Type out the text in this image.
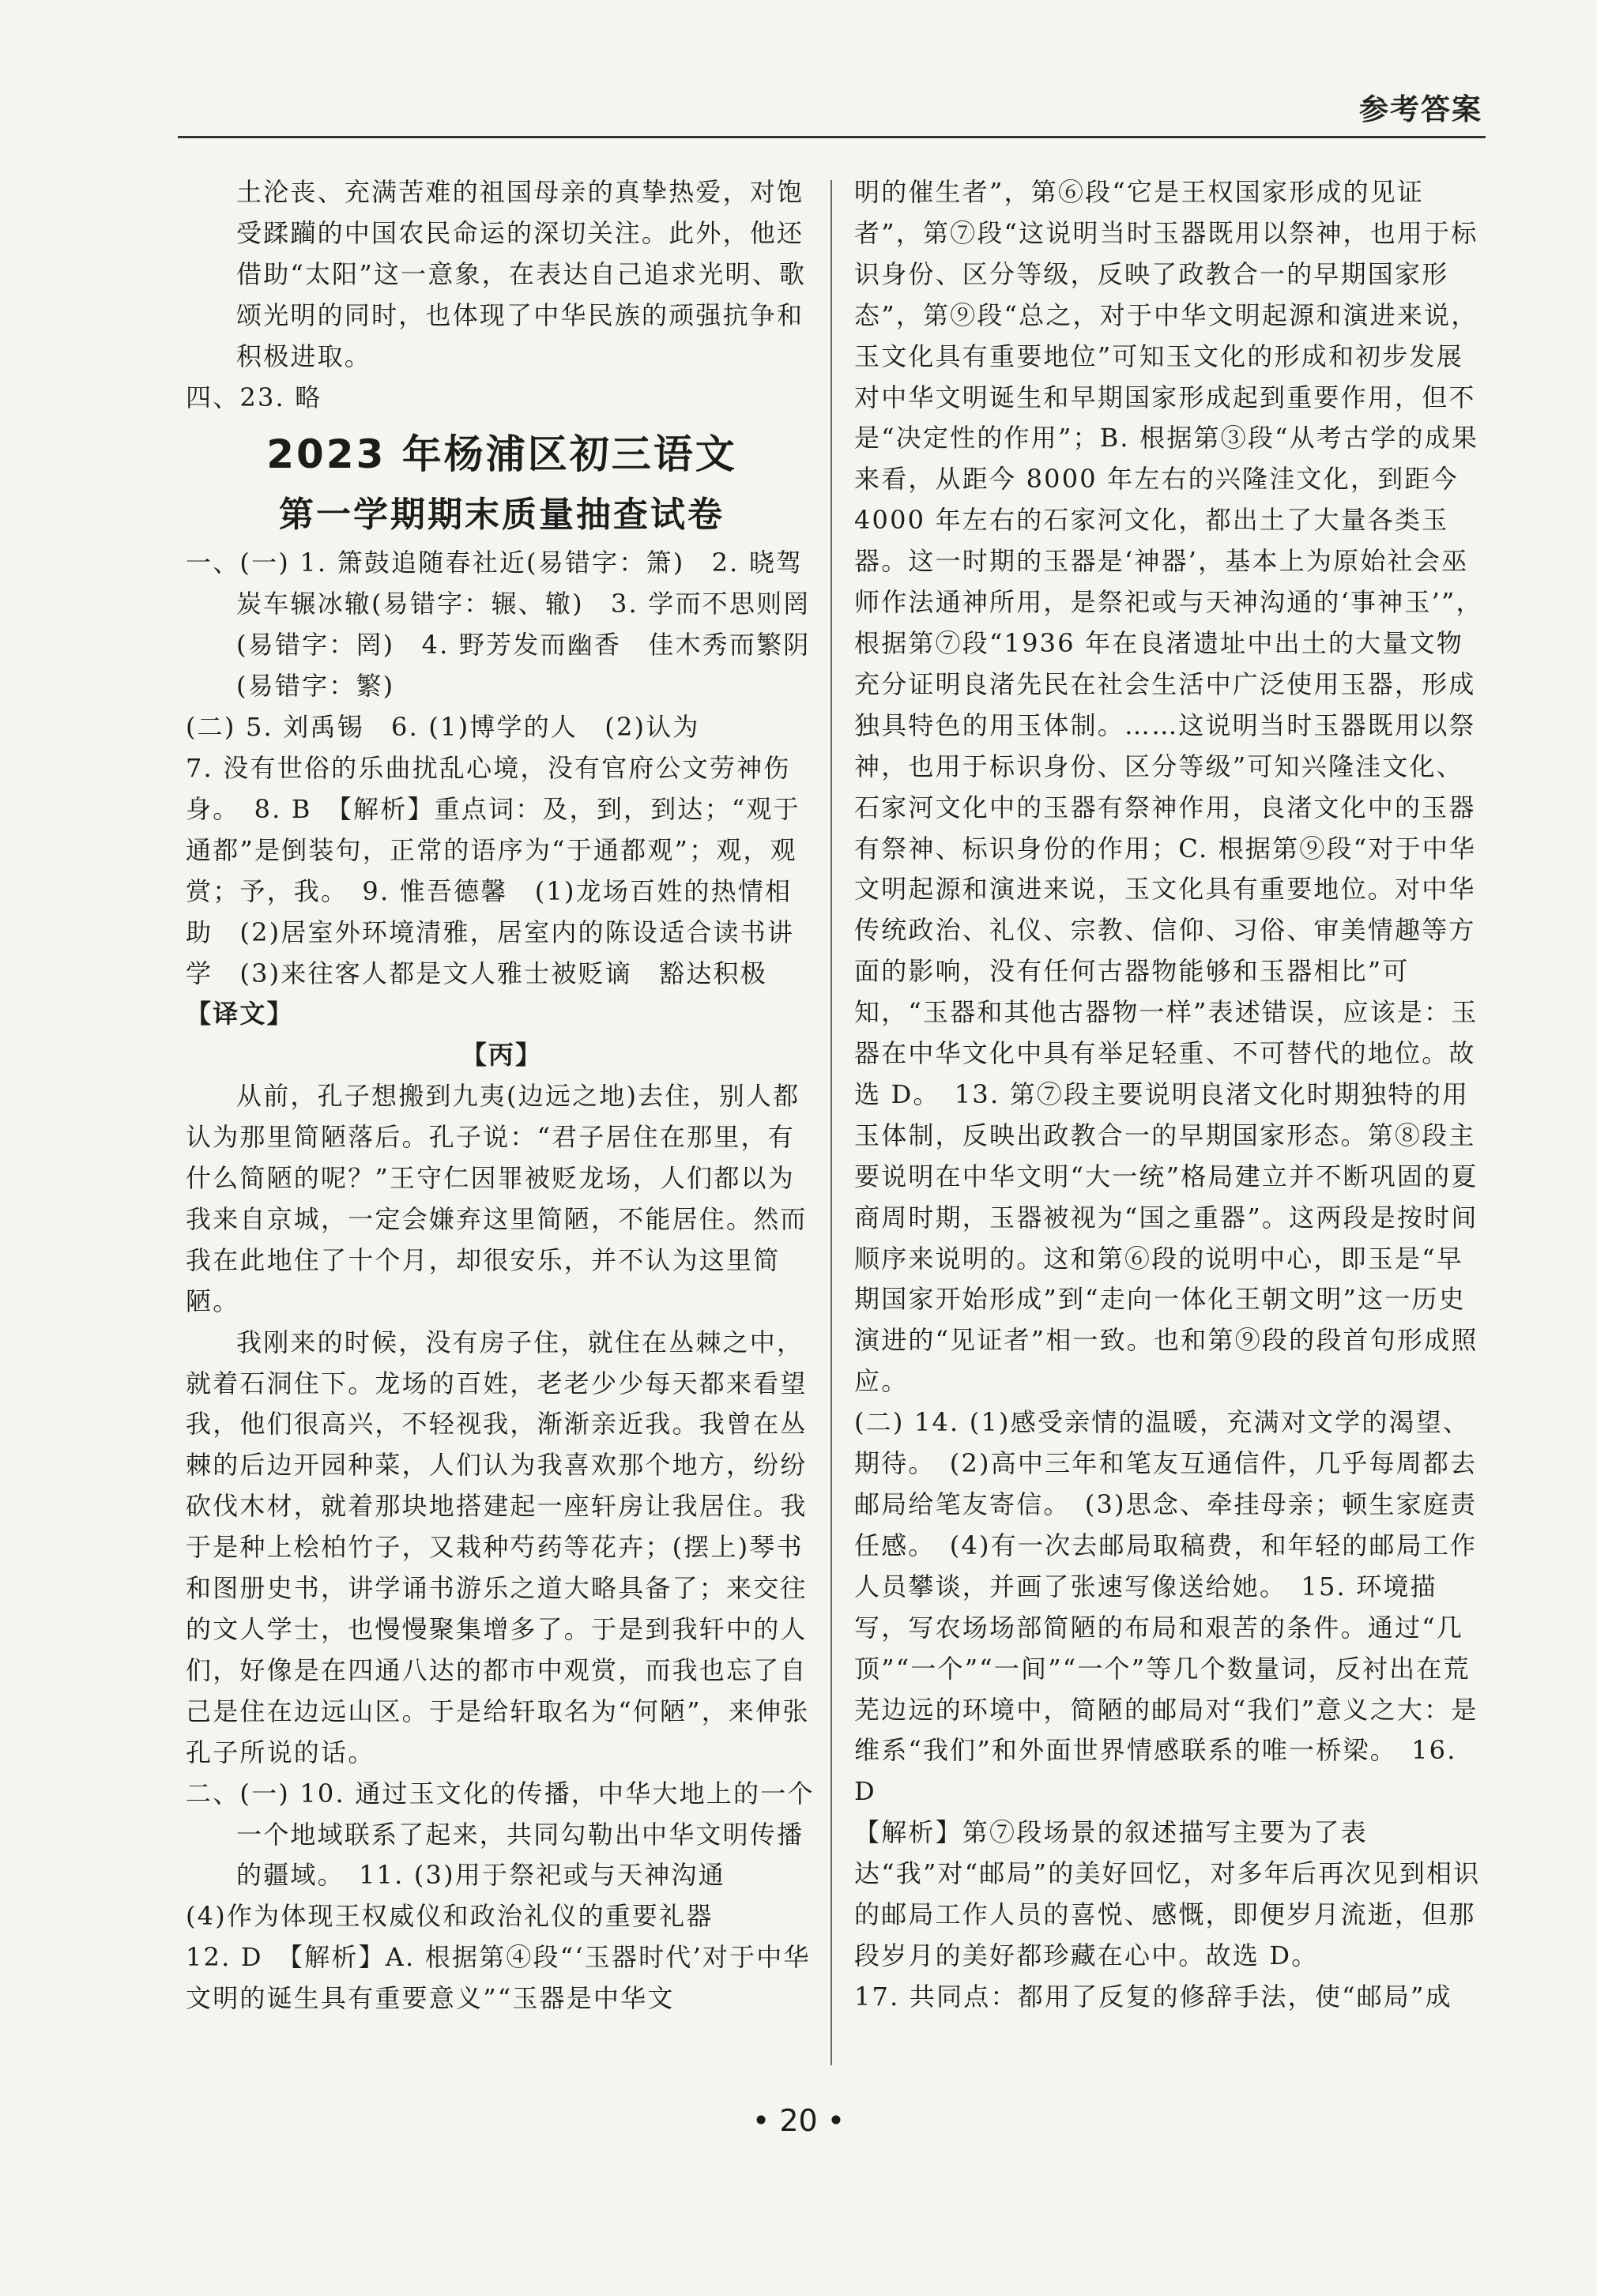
参考答案

土沦丧、充满苦难的祖国母亲的真挚热爱，对饱受蹂躏的中国农民命运的深切关注。此外，他还借助“太阳”这一意象，在表达自己追求光明、歌颂光明的同时，也体现了中华民族的顽强抗争和积极进取。

四、23. 略

2023 年杨浦区初三语文

第一学期期末质量抽查试卷

一、(一) 1. 箫鼓追随春社近(易错字：箫)　2. 晓驾炭车辗冰辙(易错字：辗、辙)　3. 学而不思则罔(易错字：罔)　4. 野芳发而幽香　佳木秀而繁阴(易错字：繁)

(二) 5. 刘禹锡　6. (1)博学的人　(2)认为

7. 没有世俗的乐曲扰乱心境，没有官府公文劳神伤身。　8. B　【解析】重点词：及，到，到达；“观于通都”是倒装句，正常的语序为“于通都观”；观，观赏；予，我。　9. 惟吾德馨　(1)龙场百姓的热情相助　(2)居室外环境清雅，居室内的陈设适合读书讲学　(3)来往客人都是文人雅士被贬谪　豁达积极

【译文】

【丙】

从前，孔子想搬到九夷(边远之地)去住，别人都认为那里简陋落后。孔子说：“君子居住在那里，有什么简陋的呢？”王守仁因罪被贬龙场，人们都以为我来自京城，一定会嫌弃这里简陋，不能居住。然而我在此地住了十个月，却很安乐，并不认为这里简陋。

我刚来的时候，没有房子住，就住在丛棘之中，就着石洞住下。龙场的百姓，老老少少每天都来看望我，他们很高兴，不轻视我，渐渐亲近我。我曾在丛棘的后边开园种菜，人们认为我喜欢那个地方，纷纷砍伐木材，就着那块地搭建起一座轩房让我居住。我于是种上桧柏竹子，又栽种芍药等花卉；(摆上)琴书和图册史书，讲学诵书游乐之道大略具备了；来交往的文人学士，也慢慢聚集增多了。于是到我轩中的人们，好像是在四通八达的都市中观赏，而我也忘了自己是住在边远山区。于是给轩取名为“何陋”，来伸张孔子所说的话。

二、(一) 10. 通过玉文化的传播，中华大地上的一个一个地域联系了起来，共同勾勒出中华文明传播的疆域。　11. (3)用于祭祀或与天神沟通

(4)作为体现王权威仪和政治礼仪的重要礼器

12. D　【解析】A. 根据第④段“‘玉器时代’对于中华文明的诞生具有重要意义”“玉器是中华文

明的催生者”，第⑥段“它是王权国家形成的见证者”，第⑦段“这说明当时玉器既用以祭神，也用于标识身份、区分等级，反映了政教合一的早期国家形态”，第⑨段“总之，对于中华文明起源和演进来说，玉文化具有重要地位”可知玉文化的形成和初步发展对中华文明诞生和早期国家形成起到重要作用，但不是“决定性的作用”；B. 根据第③段“从考古学的成果来看，从距今 8000 年左右的兴隆洼文化，到距今 4000 年左右的石家河文化，都出土了大量各类玉器。这一时期的玉器是‘神器’，基本上为原始社会巫师作法通神所用，是祭祀或与天神沟通的‘事神玉’”，根据第⑦段“1936 年在良渚遗址中出土的大量文物充分证明良渚先民在社会生活中广泛使用玉器，形成独具特色的用玉体制。……这说明当时玉器既用以祭神，也用于标识身份、区分等级”可知兴隆洼文化、石家河文化中的玉器有祭神作用，良渚文化中的玉器有祭神、标识身份的作用；C. 根据第⑨段“对于中华文明起源和演进来说，玉文化具有重要地位。对中华传统政治、礼仪、宗教、信仰、习俗、审美情趣等方面的影响，没有任何古器物能够和玉器相比”可知，“玉器和其他古器物一样”表述错误，应该是：玉器在中华文化中具有举足轻重、不可替代的地位。故选 D。　13. 第⑦段主要说明良渚文化时期独特的用玉体制，反映出政教合一的早期国家形态。第⑧段主要说明在中华文明“大一统”格局建立并不断巩固的夏商周时期，玉器被视为“国之重器”。这两段是按时间顺序来说明的。这和第⑥段的说明中心，即玉是“早期国家开始形成”到“走向一体化王朝文明”这一历史演进的“见证者”相一致。也和第⑨段的段首句形成照应。

(二) 14. (1)感受亲情的温暖，充满对文学的渴望、期待。　(2)高中三年和笔友互通信件，几乎每周都去邮局给笔友寄信。　(3)思念、牵挂母亲；顿生家庭责任感。　(4)有一次去邮局取稿费，和年轻的邮局工作人员攀谈，并画了张速写像送给她。　15. 环境描写，写农场场部简陋的布局和艰苦的条件。通过“几顶”“一个”“一间”“一个”等几个数量词，反衬出在荒芜边远的环境中，简陋的邮局对“我们”意义之大：是维系“我们”和外面世界情感联系的唯一桥梁。　16. D

【解析】第⑦段场景的叙述描写主要为了表达“我”对“邮局”的美好回忆，对多年后再次见到相识的邮局工作人员的喜悦、感慨，即便岁月流逝，但那段岁月的美好都珍藏在心中。故选 D。

17. 共同点：都用了反复的修辞手法，使“邮局”成

• 20 •
